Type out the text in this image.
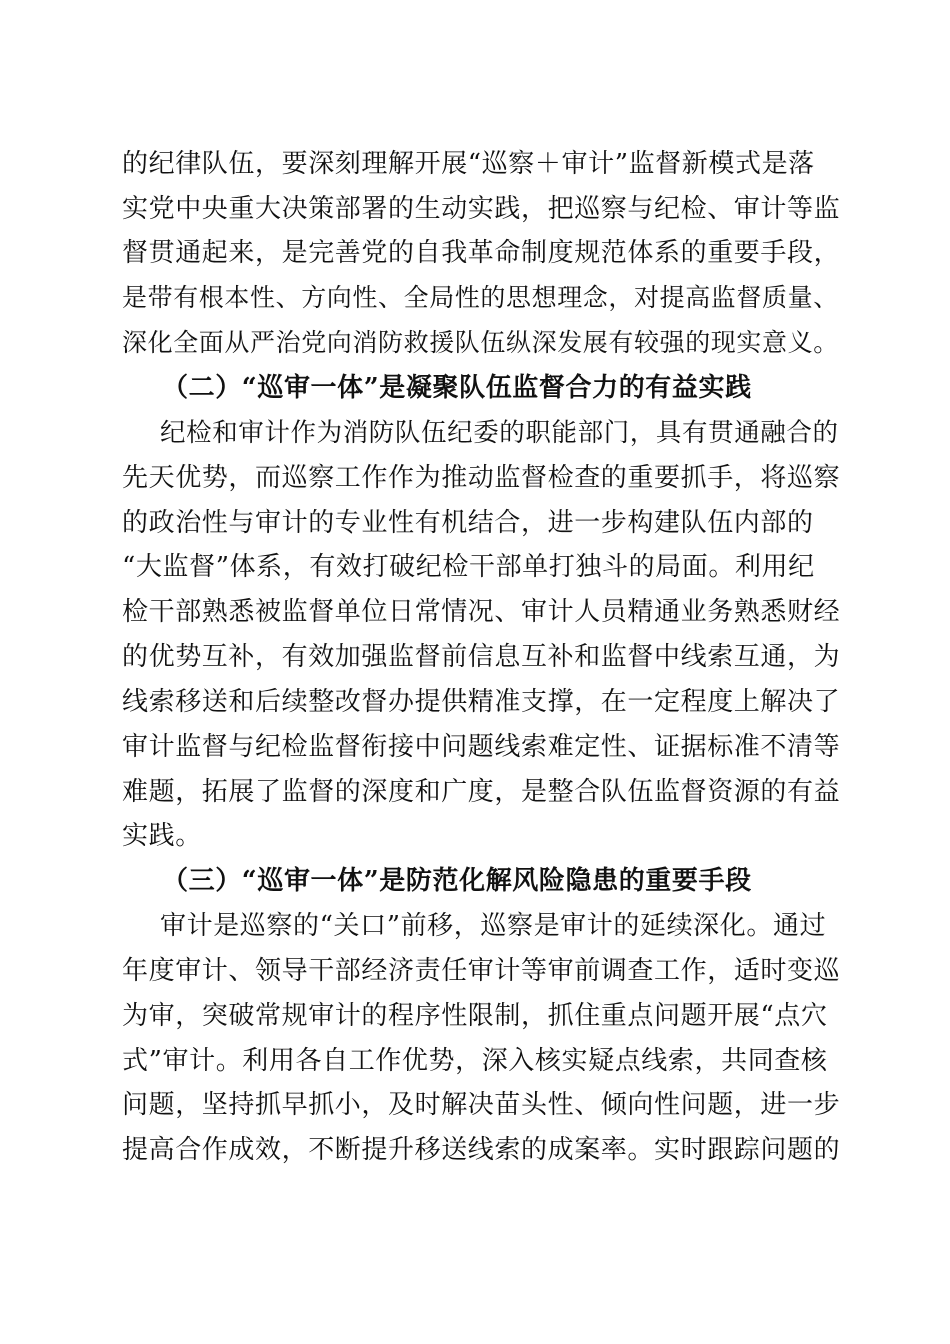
的纪律队伍，要深刻理解开展“巡察＋审计”监督新模式是落
实党中央重大决策部署的生动实践，把巡察与纪检、审计等监
督贯通起来，是完善党的自我革命制度规范体系的重要手段，
是带有根本性、方向性、全局性的思想理念，对提高监督质量、
深化全面从严治党向消防救援队伍纵深发展有较强的现实意义。
（二）“巡审一体”是凝聚队伍监督合力的有益实践
纪检和审计作为消防队伍纪委的职能部门，具有贯通融合的
先天优势，而巡察工作作为推动监督检查的重要抓手，将巡察
的政治性与审计的专业性有机结合，进一步构建队伍内部的
“大监督”体系，有效打破纪检干部单打独斗的局面。利用纪
检干部熟悉被监督单位日常情况、审计人员精通业务熟悉财经
的优势互补，有效加强监督前信息互补和监督中线索互通，为
线索移送和后续整改督办提供精准支撑，在一定程度上解决了
审计监督与纪检监督衔接中问题线索难定性、证据标准不清等
难题，拓展了监督的深度和广度，是整合队伍监督资源的有益
实践。
（三）“巡审一体”是防范化解风险隐患的重要手段
审计是巡察的“关口”前移，巡察是审计的延续深化。通过
年度审计、领导干部经济责任审计等审前调查工作，适时变巡
为审，突破常规审计的程序性限制，抓住重点问题开展“点穴
式”审计。利用各自工作优势，深入核实疑点线索，共同查核
问题，坚持抓早抓小，及时解决苗头性、倾向性问题，进一步
提高合作成效，不断提升移送线索的成案率。实时跟踪问题的
